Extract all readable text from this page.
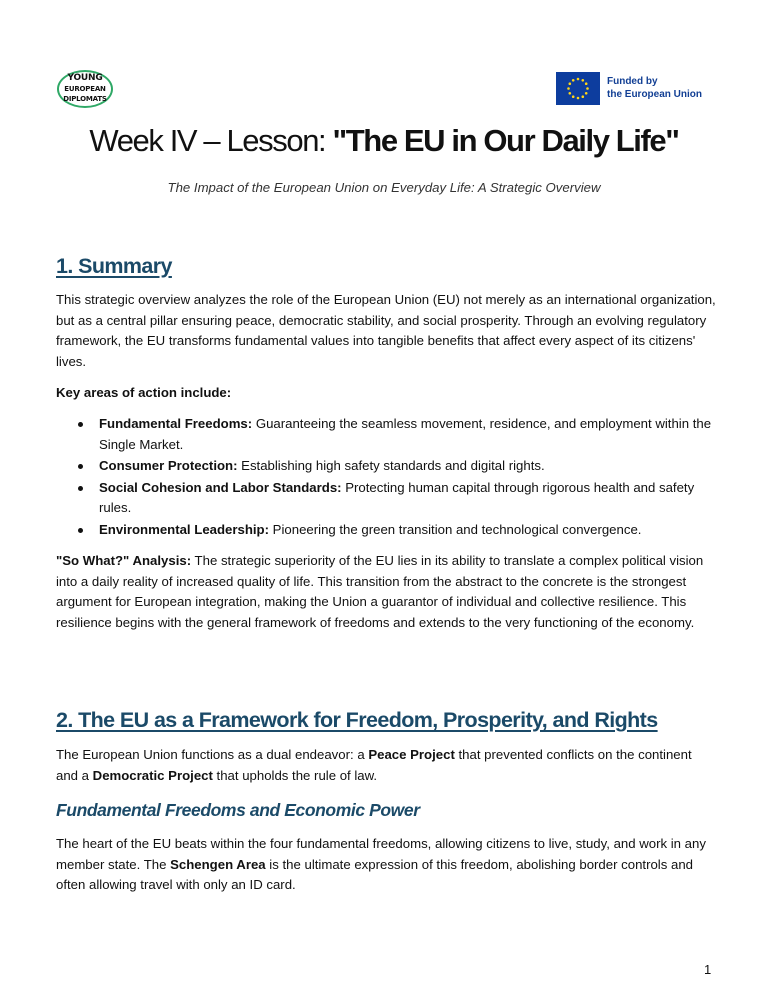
YOUNG
EUROPEAN
DIPLOMATS
Funded by
the European Union
Week IV – Lesson: "The EU in Our Daily Life"
The Impact of the European Union on Everyday Life: A Strategic Overview
1. Summary

This strategic overview analyzes the role of the European Union (EU) not merely as an international organization, but as a central pillar ensuring peace, democratic stability, and social prosperity. Through an evolving regulatory framework, the EU transforms fundamental values into tangible benefits that affect every aspect of its citizens' lives.

Key areas of action include:

Fundamental Freedoms: Guaranteeing the seamless movement, residence, and employment within the Single Market.
Consumer Protection: Establishing high safety standards and digital rights.
Social Cohesion and Labor Standards: Protecting human capital through rigorous health and safety rules.
Environmental Leadership: Pioneering the green transition and technological convergence.

"So What?" Analysis: The strategic superiority of the EU lies in its ability to translate a complex political vision into a daily reality of increased quality of life. This transition from the abstract to the concrete is the strongest argument for European integration, making the Union a guarantor of individual and collective resilience. This resilience begins with the general framework of freedoms and extends to the very functioning of the economy.

2. The EU as a Framework for Freedom, Prosperity, and Rights

The European Union functions as a dual endeavor: a Peace Project that prevented conflicts on the continent and a Democratic Project that upholds the rule of law.

Fundamental Freedoms and Economic Power

The heart of the EU beats within the four fundamental freedoms, allowing citizens to live, study, and work in any member state. The Schengen Area is the ultimate expression of this freedom, abolishing border controls and often allowing travel with only an ID card.

1
